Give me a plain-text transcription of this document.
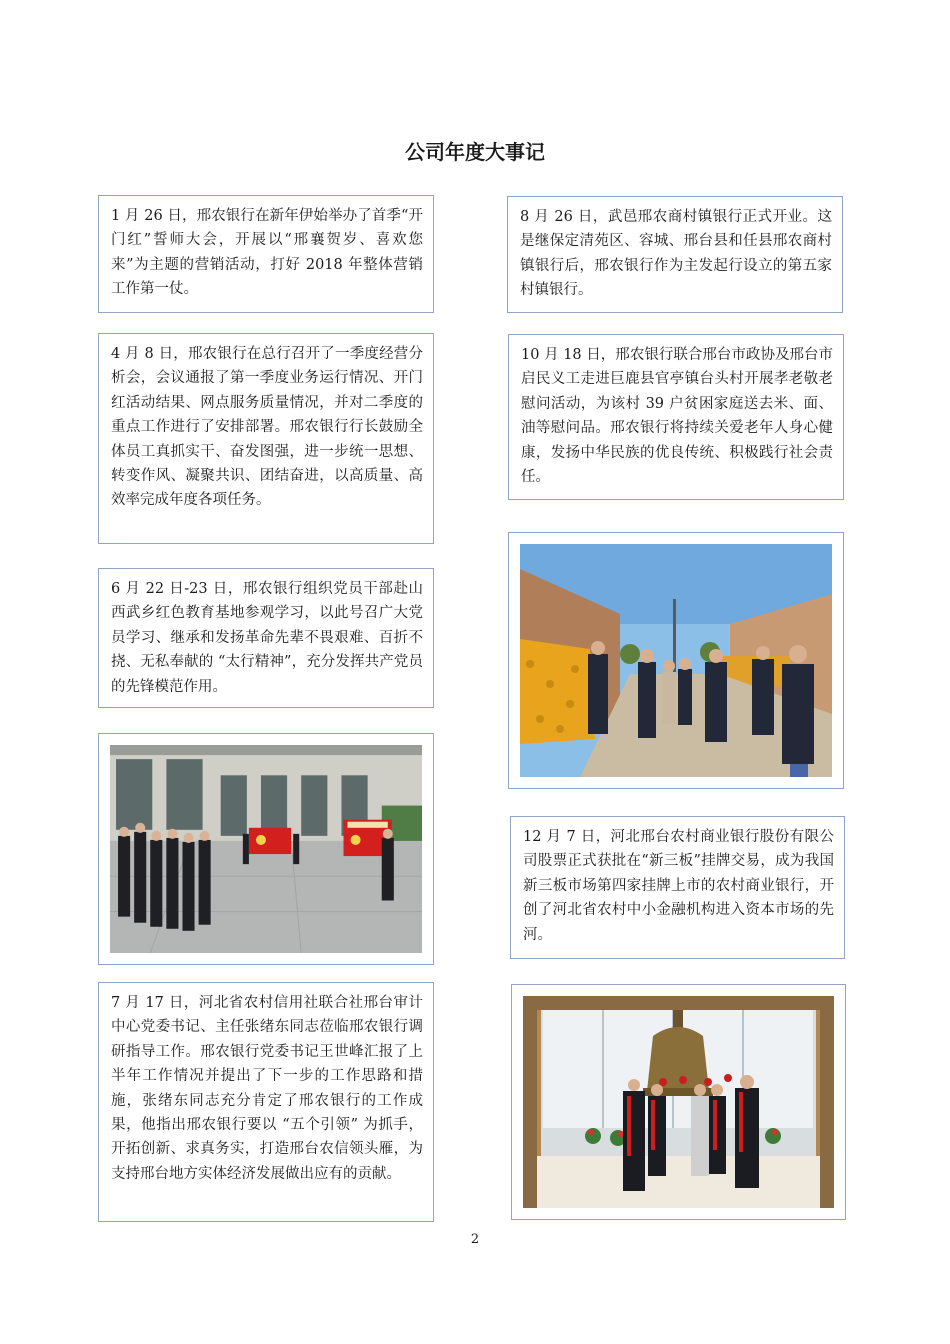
公司年度大事记
1 月 26 日，邢农银行在新年伊始举办了首季“开门红”誓师大会，开展以“邢襄贺岁、喜欢您来”为主题的营销活动，打好 2018 年整体营销工作第一仗。
4 月 8 日，邢农银行在总行召开了一季度经营分析会，会议通报了第一季度业务运行情况、开门红活动结果、网点服务质量情况，并对二季度的重点工作进行了安排部署。邢农银行行长鼓励全体员工真抓实干、奋发图强，进一步统一思想、转变作风、凝聚共识、团结奋进，以高质量、高效率完成年度各项任务。
6 月 22 日-23 日，邢农银行组织党员干部赴山西武乡红色教育基地参观学习，以此号召广大党员学习、继承和发扬革命先辈不畏艰难、百折不挠、无私奉献的 “太行精神”，充分发挥共产党员的先锋模范作用。
7 月 17 日，河北省农村信用社联合社邢台审计中心党委书记、主任张绪东同志莅临邢农银行调研指导工作。邢农银行党委书记王世峰汇报了上半年工作情况并提出了下一步的工作思路和措施，张绪东同志充分肯定了邢农银行的工作成果，他指出邢农银行要以 “五个引领” 为抓手，开拓创新、求真务实，打造邢台农信领头雁，为支持邢台地方实体经济发展做出应有的贡献。
8 月 26 日，武邑邢农商村镇银行正式开业。这是继保定清苑区、容城、邢台县和任县邢农商村镇银行后，邢农银行作为主发起行设立的第五家村镇银行。
10 月 18 日，邢农银行联合邢台市政协及邢台市启民义工走进巨鹿县官亭镇台头村开展孝老敬老慰问活动，为该村 39 户贫困家庭送去米、面、油等慰问品。邢农银行将持续关爱老年人身心健康，发扬中华民族的优良传统、积极践行社会责任。
12 月 7 日，河北邢台农村商业银行股份有限公司股票正式获批在“新三板”挂牌交易，成为我国新三板市场第四家挂牌上市的农村商业银行，开创了河北省农村中小金融机构进入资本市场的先河。
2
